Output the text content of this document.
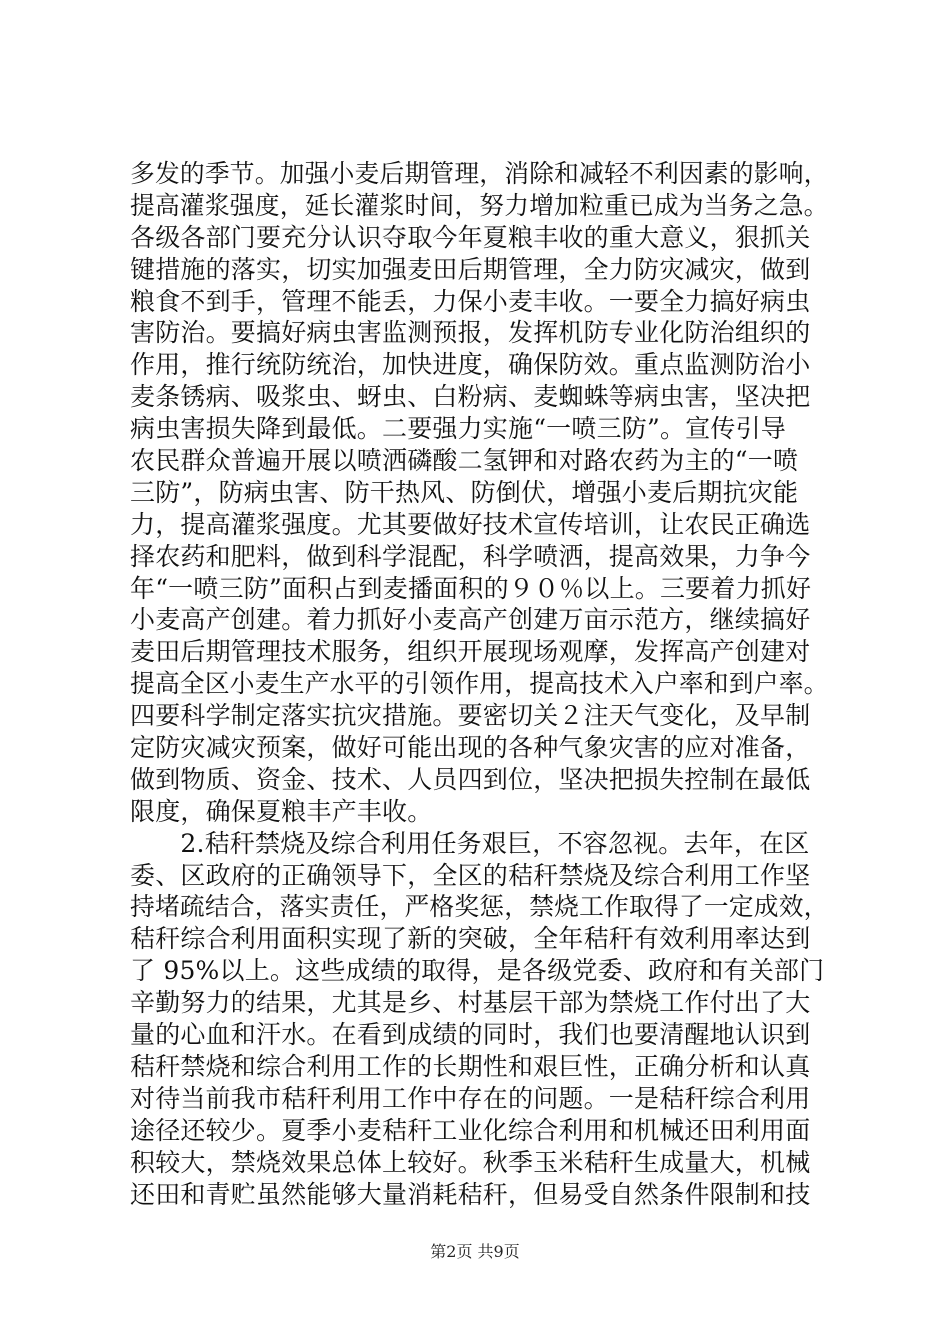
多发的季节。加强小麦后期管理，消除和减轻不利因素的影响，
提高灌浆强度，延长灌浆时间，努力增加粒重已成为当务之急。
各级各部门要充分认识夺取今年夏粮丰收的重大意义，狠抓关
键措施的落实，切实加强麦田后期管理，全力防灾减灾，做到
粮食不到手，管理不能丢，力保小麦丰收。一要全力搞好病虫
害防治。要搞好病虫害监测预报，发挥机防专业化防治组织的
作用，推行统防统治，加快进度，确保防效。重点监测防治小
麦条锈病、吸浆虫、蚜虫、白粉病、麦蜘蛛等病虫害，坚决把
病虫害损失降到最低。二要强力实施“一喷三防”。宣传引导
农民群众普遍开展以喷洒磷酸二氢钾和对路农药为主的“一喷
三防”，防病虫害、防干热风、防倒伏，增强小麦后期抗灾能
力，提高灌浆强度。尤其要做好技术宣传培训，让农民正确选
择农药和肥料，做到科学混配，科学喷洒，提高效果，力争今
年“一喷三防”面积占到麦播面积的９０％以上。三要着力抓好
小麦高产创建。着力抓好小麦高产创建万亩示范方，继续搞好
麦田后期管理技术服务，组织开展现场观摩，发挥高产创建对
提高全区小麦生产水平的引领作用，提高技术入户率和到户率。
四要科学制定落实抗灾措施。要密切关２注天气变化，及早制
定防灾减灾预案，做好可能出现的各种气象灾害的应对准备，
做到物质、资金、技术、人员四到位，坚决把损失控制在最低
限度，确保夏粮丰产丰收。
　　2.秸秆禁烧及综合利用任务艰巨，不容忽视。去年，在区
委、区政府的正确领导下，全区的秸秆禁烧及综合利用工作坚
持堵疏结合，落实责任，严格奖惩，禁烧工作取得了一定成效，
秸秆综合利用面积实现了新的突破，全年秸秆有效利用率达到
了 95%以上。这些成绩的取得，是各级党委、政府和有关部门
辛勤努力的结果，尤其是乡、村基层干部为禁烧工作付出了大
量的心血和汗水。在看到成绩的同时，我们也要清醒地认识到
秸秆禁烧和综合利用工作的长期性和艰巨性，正确分析和认真
对待当前我市秸秆利用工作中存在的问题。一是秸秆综合利用
途径还较少。夏季小麦秸秆工业化综合利用和机械还田利用面
积较大，禁烧效果总体上较好。秋季玉米秸秆生成量大，机械
还田和青贮虽然能够大量消耗秸秆，但易受自然条件限制和技
第2页 共9页
